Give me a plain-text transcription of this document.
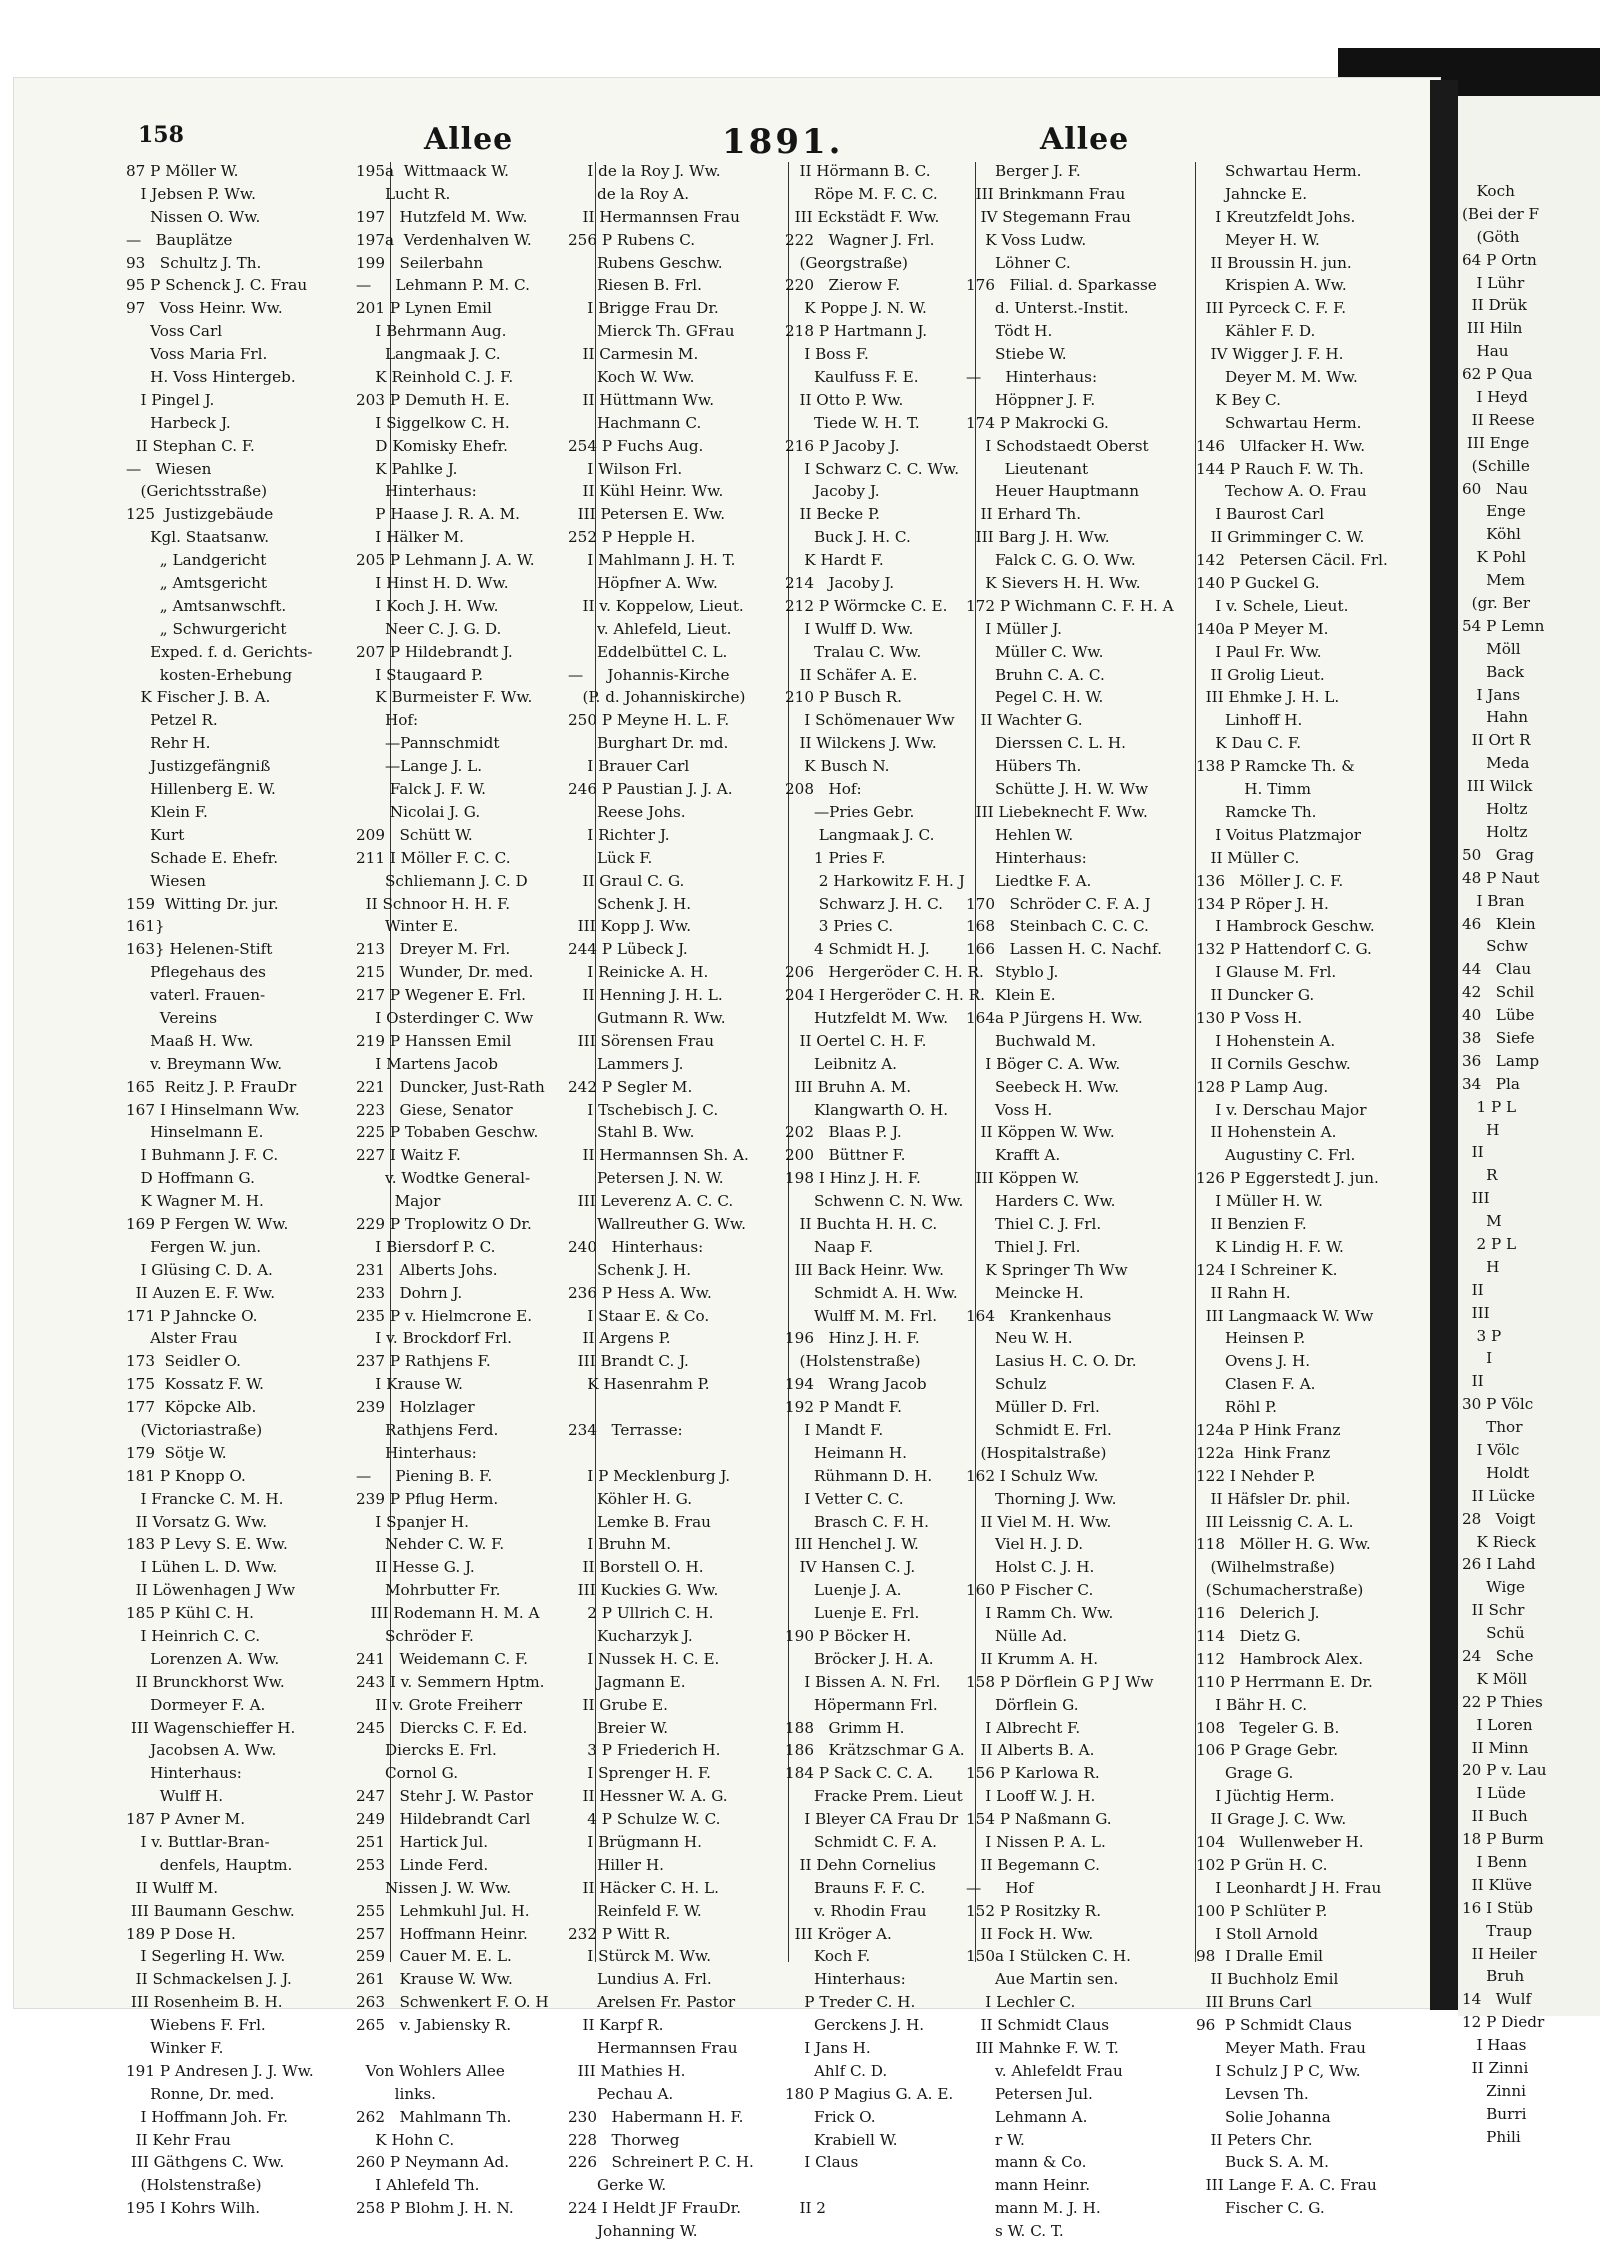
158	Allee	1891.	Allee
87 P Möller W.
I Jebsen P. Ww.
Nissen O. Ww.
—   Bauplätze
93   Schultz J. Th.
95 P Schenck J. C. Frau
97   Voss Heinr. Ww.
Voss Carl
Voss Maria Frl.
H. Voss Hintergeb.
I Pingel J.
Harbeck J.
II Stephan C. F.
—   Wiesen
(Gerichtsstraße)
125  Justizgebäude
Kgl. Staatsanw.
„ Landgericht
„ Amtsgericht
„ Amtsanwschft.
„ Schwurgericht
Exped. f. d. Gerichts-
kosten-Erhebung
K Fischer J. B. A.
Petzel R.
Rehr H.
Justizgefängniß
Hillenberg E. W.
Klein F.
Kurt
Schade E. Ehefr.
Wiesen
159  Witting Dr. jur.
161}
163} Helenen-Stift
Pflegehaus des
vaterl. Frauen-
Vereins
Maaß H. Ww.
v. Breymann Ww.
165  Reitz J. P. FrauDr
167 I Hinselmann Ww.
Hinselmann E.
I Buhmann J. F. C.
D Hoffmann G.
K Wagner M. H.
169 P Fergen W. Ww.
Fergen W. jun.
I Glüsing C. D. A.
II Auzen E. F. Ww.
171 P Jahncke O.
Alster Frau
173  Seidler O.
175  Kossatz F. W.
177  Köpcke Alb.
(Victoriastraße)
179  Sötje W.
181 P Knopp O.
I Francke C. M. H.
II Vorsatz G. Ww.
183 P Levy S. E. Ww.
I Lühen L. D. Ww.
II Löwenhagen J Ww
185 P Kühl C. H.
I Heinrich C. C.
Lorenzen A. Ww.
II Brunckhorst Ww.
Dormeyer F. A.
III Wagenschieffer H.
Jacobsen A. Ww.
Hinterhaus:
Wulff H.
187 P Avner M.
I v. Buttlar-Bran-
denfels, Hauptm.
II Wulff M.
III Baumann Geschw.
189 P Dose H.
I Segerling H. Ww.
II Schmackelsen J. J.
III Rosenheim B. H.
Wiebens F. Frl.
Winker F.
191 P Andresen J. J. Ww.
Ronne, Dr. med.
I Hoffmann Joh. Fr.
II Kehr Frau
III Gäthgens C. Ww.
(Holstenstraße)
195 I Kohrs Wilh.
195a  Wittmaack W.
Lucht R.
197   Hutzfeld M. Ww.
197a  Verdenhalven W.
199   Seilerbahn
—     Lehmann P. M. C.
201 P Lynen Emil
I Behrmann Aug.
Langmaak J. C.
K Reinhold C. J. F.
203 P Demuth H. E.
I Siggelkow C. H.
D Komisky Ehefr.
K Pahlke J.
Hinterhaus:
P Haase J. R. A. M.
I Hälker M.
205 P Lehmann J. A. W.
I Hinst H. D. Ww.
I Koch J. H. Ww.
Neer C. J. G. D.
207 P Hildebrandt J.
I Staugaard P.
K Burmeister F. Ww.
Hof:
—Pannschmidt
—Lange J. L.
Falck J. F. W.
Nicolai J. G.
209   Schütt W.
211 I Möller F. C. C.
Schliemann J. C. D
II Schnoor H. H. F.
Winter E.
213   Dreyer M. Frl.
215   Wunder, Dr. med.
217 P Wegener E. Frl.
I Osterdinger C. Ww
219 P Hanssen Emil
I Martens Jacob
221   Duncker, Just-Rath
223   Giese, Senator
225 P Tobaben Geschw.
227 I Waitz F.
v. Wodtke General-
Major
229 P Troplowitz O Dr.
I Biersdorf P. C.
231   Alberts Johs.
233   Dohrn J.
235 P v. Hielmcrone E.
I v. Brockdorf Frl.
237 P Rathjens F.
I Krause W.
239   Holzlager
Rathjens Ferd.
Hinterhaus:
—     Piening B. F.
239 P Pflug Herm.
I Spanjer H.
Nehder C. W. F.
II Hesse G. J.
Mohrbutter Fr.
III Rodemann H. M. A
Schröder F.
241   Weidemann C. F.
243 I v. Semmern Hptm.
II v. Grote Freiherr
245   Diercks C. F. Ed.
Diercks E. Frl.
Cornol G.
247   Stehr J. W. Pastor
249   Hildebrandt Carl
251   Hartick Jul.
253   Linde Ferd.
Nissen J. W. Ww.
255   Lehmkuhl Jul. H.
257   Hoffmann Heinr.
259   Cauer M. E. L.
261   Krause W. Ww.
263   Schwenkert F. O. H
265   v. Jabiensky R.
Von Wohlers Allee
links.
262   Mahlmann Th.
K Hohn C.
260 P Neymann Ad.
I Ahlefeld Th.
258 P Blohm J. H. N.
I de la Roy J. Ww.
de la Roy A.
II Hermannsen Frau
256 P Rubens C.
Rubens Geschw.
Riesen B. Frl.
I Brigge Frau Dr.
Mierck Th. GFrau
II Carmesin M.
Koch W. Ww.
II Hüttmann Ww.
Hachmann C.
254 P Fuchs Aug.
I Wilson Frl.
II Kühl Heinr. Ww.
III Petersen E. Ww.
252 P Hepple H.
I Mahlmann J. H. T.
Höpfner A. Ww.
II v. Koppelow, Lieut.
v. Ahlefeld, Lieut.
Eddelbüttel C. L.
—     Johannis-Kirche
(P. d. Johanniskirche)
250 P Meyne H. L. F.
Burghart Dr. md.
I Brauer Carl
246 P Paustian J. J. A.
Reese Johs.
I Richter J.
Lück F.
II Graul C. G.
Schenk J. H.
III Kopp J. Ww.
244 P Lübeck J.
I Reinicke A. H.
II Henning J. H. L.
Gutmann R. Ww.
III Sörensen Frau
Lammers J.
242 P Segler M.
I Tschebisch J. C.
Stahl B. Ww.
II Hermannsen Sh. A.
Petersen J. N. W.
III Leverenz A. C. C.
Wallreuther G. Ww.
240   Hinterhaus:
Schenk J. H.
236 P Hess A. Ww.
I Staar E. & Co.
II Argens P.
III Brandt C. J.
K Hasenrahm P.
234   Terrasse:
I P Mecklenburg J.
Köhler H. G.
Lemke B. Frau
I Bruhn M.
II Borstell O. H.
III Kuckies G. Ww.
2 P Ullrich C. H.
Kucharzyk J.
I Nussek H. C. E.
Jagmann E.
II Grube E.
Breier W.
3 P Friederich H.
I Sprenger H. F.
II Hessner W. A. G.
4 P Schulze W. C.
I Brügmann H.
Hiller H.
II Häcker C. H. L.
Reinfeld F. W.
232 P Witt R.
I Stürck M. Ww.
Lundius A. Frl.
Arelsen Fr. Pastor
II Karpf R.
Hermannsen Frau
III Mathies H.
Pechau A.
230   Habermann H. F.
228   Thorweg
226   Schreinert P. C. H.
Gerke W.
224 I Heldt JF FrauDr.
Johanning W.
II Hörmann B. C.
Röpe M. F. C. C.
III Eckstädt F. Ww.
222   Wagner J. Frl.
(Georgstraße)
220   Zierow F.
K Poppe J. N. W.
218 P Hartmann J.
I Boss F.
Kaulfuss F. E.
II Otto P. Ww.
Tiede W. H. T.
216 P Jacoby J.
I Schwarz C. C. Ww.
Jacoby J.
II Becke P.
Buck J. H. C.
K Hardt F.
214   Jacoby J.
212 P Wörmcke C. E.
I Wulff D. Ww.
Tralau C. Ww.
II Schäfer A. E.
210 P Busch R.
I Schömenauer Ww
II Wilckens J. Ww.
K Busch N.
208   Hof:
—Pries Gebr.
Langmaak J. C.
1 Pries F.
2 Harkowitz F. H. J
Schwarz J. H. C.
3 Pries C.
4 Schmidt H. J.
206   Hergeröder C. H. R.
204 I Hergeröder C. H. R.
Hutzfeldt M. Ww.
II Oertel C. H. F.
Leibnitz A.
III Bruhn A. M.
Klangwarth O. H.
202   Blaas P. J.
200   Büttner F.
198 I Hinz J. H. F.
Schwenn C. N. Ww.
II Buchta H. H. C.
Naap F.
III Back Heinr. Ww.
Schmidt A. H. Ww.
Wulff M. M. Frl.
196   Hinz J. H. F.
(Holstenstraße)
194   Wrang Jacob
192 P Mandt F.
I Mandt F.
Heimann H.
Rühmann D. H.
I Vetter C. C.
Brasch C. F. H.
III Henchel J. W.
IV Hansen C. J.
Luenje J. A.
Luenje E. Frl.
190 P Böcker H.
Bröcker J. H. A.
I Bissen A. N. Frl.
Höpermann Frl.
188   Grimm H.
186   Krätzschmar G A.
184 P Sack C. C. A.
Fracke Prem. Lieut
I Bleyer CA Frau Dr
Schmidt C. F. A.
II Dehn Cornelius
Brauns F. F. C.
v. Rhodin Frau
III Kröger A.
Koch F.
Hinterhaus:
P Treder C. H.
Gerckens J. H.
I Jans H.
Ahlf C. D.
180 P Magius G. A. E.
Frick O.
Krabiell W.
I Claus
II 2
Berger J. F.
III Brinkmann Frau
IV Stegemann Frau
K Voss Ludw.
Löhner C.
176   Filial. d. Sparkasse
d. Unterst.-Instit.
Tödt H.
Stiebe W.
—     Hinterhaus:
Höppner J. F.
174 P Makrocki G.
I Schodstaedt Oberst
Lieutenant
Heuer Hauptmann
II Erhard Th.
III Barg J. H. Ww.
Falck C. G. O. Ww.
K Sievers H. H. Ww.
172 P Wichmann C. F. H. A
I Müller J.
Müller C. Ww.
Bruhn C. A. C.
Pegel C. H. W.
II Wachter G.
Dierssen C. L. H.
Hübers Th.
Schütte J. H. W. Ww
III Liebeknecht F. Ww.
Hehlen W.
Hinterhaus:
Liedtke F. A.
170   Schröder C. F. A. J
168   Steinbach C. C. C.
166   Lassen H. C. Nachf.
Styblo J.
Klein E.
164a P Jürgens H. Ww.
Buchwald M.
I Böger C. A. Ww.
Seebeck H. Ww.
Voss H.
II Köppen W. Ww.
Krafft A.
III Köppen W.
Harders C. Ww.
Thiel C. J. Frl.
Thiel J. Frl.
K Springer Th Ww
Meincke H.
164   Krankenhaus
Neu W. H.
Lasius H. C. O. Dr.
Schulz
Müller D. Frl.
Schmidt E. Frl.
(Hospitalstraße)
162 I Schulz Ww.
Thorning J. Ww.
II Viel M. H. Ww.
Viel H. J. D.
Holst C. J. H.
160 P Fischer C.
I Ramm Ch. Ww.
Nülle Ad.
II Krumm A. H.
158 P Dörflein G P J Ww
Dörflein G.
I Albrecht F.
II Alberts B. A.
156 P Karlowa R.
I Looff W. J. H.
154 P Naßmann G.
I Nissen P. A. L.
II Begemann C.
—     Hof
152 P Rositzky R.
II Fock H. Ww.
150a I Stülcken C. H.
Aue Martin sen.
I Lechler C.
II Schmidt Claus
III Mahnke F. W. T.
v. Ahlefeldt Frau
Petersen Jul.
Lehmann A.
r W.
mann & Co.
mann Heinr.
mann M. J. H.
s W. C. T.
Schwartau Herm.
Jahncke E.
I Kreutzfeldt Johs.
Meyer H. W.
II Broussin H. jun.
Krispien A. Ww.
III Pyrceck C. F. F.
Kähler F. D.
IV Wigger J. F. H.
Deyer M. M. Ww.
K Bey C.
Schwartau Herm.
146   Ulfacker H. Ww.
144 P Rauch F. W. Th.
Techow A. O. Frau
I Baurost Carl
II Grimminger C. W.
142   Petersen Cäcil. Frl.
140 P Guckel G.
I v. Schele, Lieut.
140a P Meyer M.
I Paul Fr. Ww.
II Grolig Lieut.
III Ehmke J. H. L.
Linhoff H.
K Dau C. F.
138 P Ramcke Th. &
H. Timm
Ramcke Th.
I Voitus Platzmajor
II Müller C.
136   Möller J. C. F.
134 P Röper J. H.
I Hambrock Geschw.
132 P Hattendorf C. G.
I Glause M. Frl.
II Duncker G.
130 P Voss H.
I Hohenstein A.
II Cornils Geschw.
128 P Lamp Aug.
I v. Derschau Major
II Hohenstein A.
Augustiny C. Frl.
126 P Eggerstedt J. jun.
I Müller H. W.
II Benzien F.
K Lindig H. F. W.
124 I Schreiner K.
II Rahn H.
III Langmaack W. Ww
Heinsen P.
Ovens J. H.
Clasen F. A.
Röhl P.
124a P Hink Franz
122a  Hink Franz
122 I Nehder P.
II Häfsler Dr. phil.
III Leissnig C. A. L.
118   Möller H. G. Ww.
(Wilhelmstraße)
(Schumacherstraße)
116   Delerich J.
114   Dietz G.
112   Hambrock Alex.
110 P Herrmann E. Dr.
I Bähr H. C.
108   Tegeler G. B.
106 P Grage Gebr.
Grage G.
I Jüchtig Herm.
II Grage J. C. Ww.
104   Wullenweber H.
102 P Grün H. C.
I Leonhardt J H. Frau
100 P Schlüter P.
I Stoll Arnold
98  I Dralle Emil
II Buchholz Emil
III Bruns Carl
96  P Schmidt Claus
Meyer Math. Frau
I Schulz J P C, Ww.
Levsen Th.
Solie Johanna
II Peters Chr.
Buck S. A. M.
III Lange F. A. C. Frau
Fischer C. G.
Koch
(Bei der F
(Göth
64 P Ortn
I Lühr
II Drük
III Hiln
Hau
62 P Qua
I Heyd
II Reese
III Enge
(Schille
60   Nau
Enge
Köhl
K Pohl
Mem
(gr. Ber
54 P Lemn
Möll
Back
I Jans
Hahn
II Ort R
Meda
III Wilck
Holtz
Holtz
50   Grag
48 P Naut
I Bran
46   Klein
Schw
44   Clau
42   Schil
40   Lübe
38   Siefe
36   Lamp
34   Pla
1 P L
H
II
R
III
M
2 P L
H
II
III
3 P
I
II
30 P Völc
Thor
I Völc
Holdt
II Lücke
28   Voigt
K Rieck
26 I Lahd
Wige
II Schr
Schü
24   Sche
K Möll
22 P Thies
I Loren
II Minn
20 P v. Lau
I Lüde
II Buch
18 P Burm
I Benn
II Klüve
16 I Stüb
Traup
II Heiler
Bruh
14   Wulf
12 P Diedr
I Haas
II Zinni
Zinni
Burri
Phili
